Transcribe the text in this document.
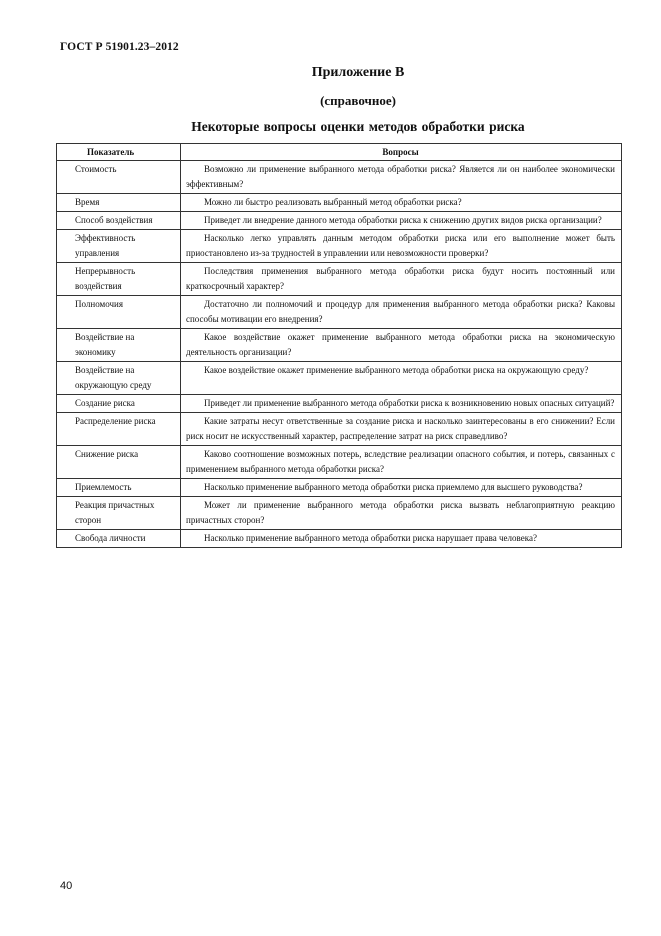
ГОСТ Р 51901.23–2012
Приложение В
(справочное)
Некоторые вопросы оценки методов обработки риска
Показатель	Вопросы
Стоимость	Возможно ли применение выбранного метода обработки риска? Является ли он наиболее экономически эффективным?
Время	Можно ли быстро реализовать выбранный метод обработки риска?
Способ воздействия	Приведет ли внедрение данного метода обработки риска к снижению других видов риска организации?
Эффективность управления	Насколько легко управлять данным методом обработки риска или его выполнение может быть приостановлено из-за трудностей в управлении или невозможности проверки?
Непрерывность воздействия	Последствия применения выбранного метода обработки риска будут носить постоянный или краткосрочный характер?
Полномочия	Достаточно ли полномочий и процедур для применения выбранного метода обработки риска? Каковы способы мотивации его внедрения?
Воздействие на экономику	Какое воздействие окажет применение выбранного метода обработки риска на экономическую деятельность организации?
Воздействие на окружающую среду	Какое воздействие окажет применение выбранного метода обработки риска на окружающую среду?
Создание риска	Приведет ли применение выбранного метода обработки риска к возникновению новых опасных ситуаций?
Распределение риска	Какие затраты несут ответственные за создание риска и насколько заинтересованы в его снижении? Если риск носит не искусственный характер, распределение затрат на риск справедливо?
Снижение риска	Каково соотношение возможных потерь, вследствие реализации опасного события, и потерь, связанных с применением выбранного метода обработки риска?
Приемлемость	Насколько применение выбранного метода обработки риска приемлемо для высшего руководства?
Реакция причастных сторон	Может ли применение выбранного метода обработки риска вызвать неблагоприятную реакцию причастных сторон?
Свобода личности	Насколько применение выбранного метода обработки риска нарушает права человека?
40
